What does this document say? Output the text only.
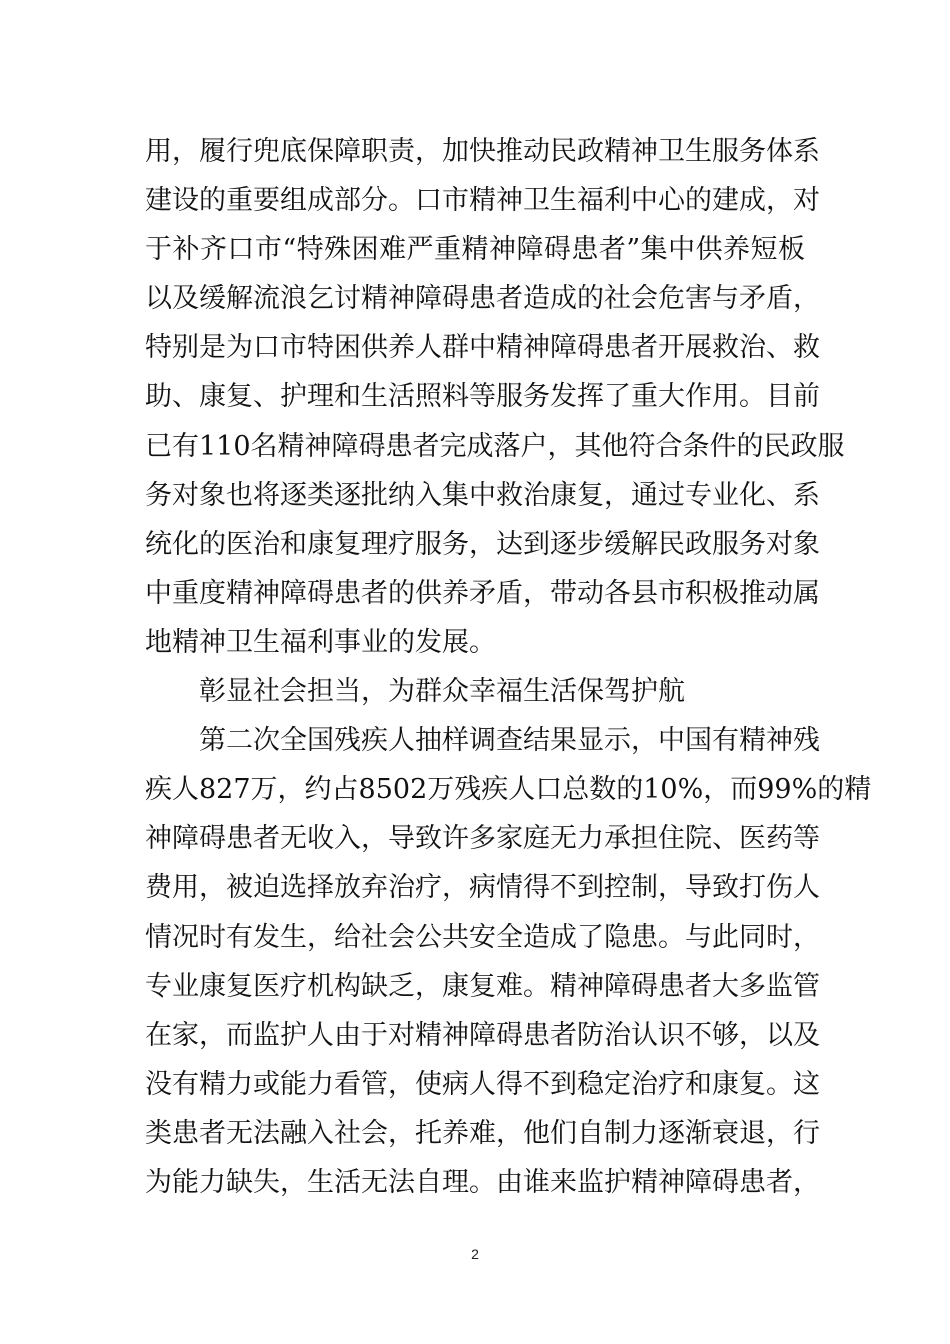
用，履行兜底保障职责，加快推动民政精神卫生服务体系
建设的重要组成部分。口市精神卫生福利中心的建成，对
于补齐口市“特殊困难严重精神障碍患者”集中供养短板
以及缓解流浪乞讨精神障碍患者造成的社会危害与矛盾，
特别是为口市特困供养人群中精神障碍患者开展救治、救
助、康复、护理和生活照料等服务发挥了重大作用。目前
已有110名精神障碍患者完成落户，其他符合条件的民政服
务对象也将逐类逐批纳入集中救治康复，通过专业化、系
统化的医治和康复理疗服务，达到逐步缓解民政服务对象
中重度精神障碍患者的供养矛盾，带动各县市积极推动属
地精神卫生福利事业的发展。
彰显社会担当，为群众幸福生活保驾护航
第二次全国残疾人抽样调查结果显示，中国有精神残
疾人827万，约占8502万残疾人口总数的10%，而99%的精
神障碍患者无收入，导致许多家庭无力承担住院、医药等
费用，被迫选择放弃治疗，病情得不到控制，导致打伤人
情况时有发生，给社会公共安全造成了隐患。与此同时，
专业康复医疗机构缺乏，康复难。精神障碍患者大多监管
在家，而监护人由于对精神障碍患者防治认识不够，以及
没有精力或能力看管，使病人得不到稳定治疗和康复。这
类患者无法融入社会，托养难，他们自制力逐渐衰退，行
为能力缺失，生活无法自理。由谁来监护精神障碍患者，
2
